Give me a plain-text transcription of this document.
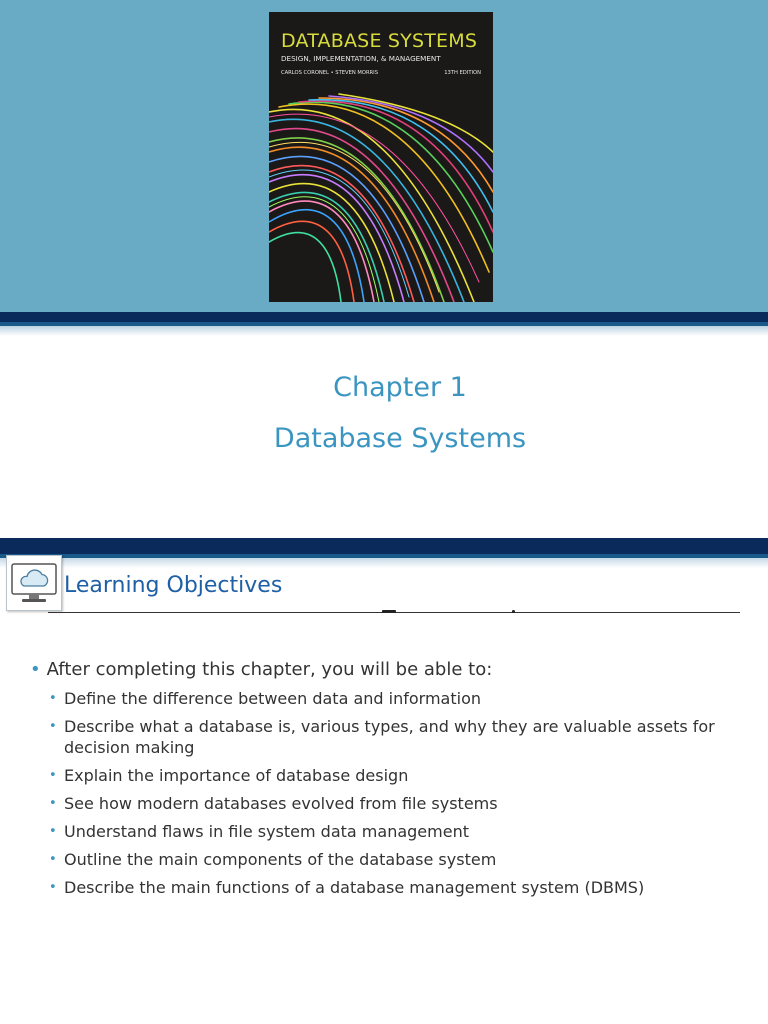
DATABASE SYSTEMS
DESIGN, IMPLEMENTATION, & MANAGEMENT
CARLOS CORONEL • STEVEN MORRIS	13TH EDITION
Chapter 1
Database Systems
Learning Objectives
• After completing this chapter, you will be able to:
• Define the difference between data and information
• Describe what a database is, various types, and why they are valuable assets for decision making
• Explain the importance of database design
• See how modern databases evolved from file systems
• Understand flaws in file system data management
• Outline the main components of the database system
• Describe the main functions of a database management system (DBMS)
